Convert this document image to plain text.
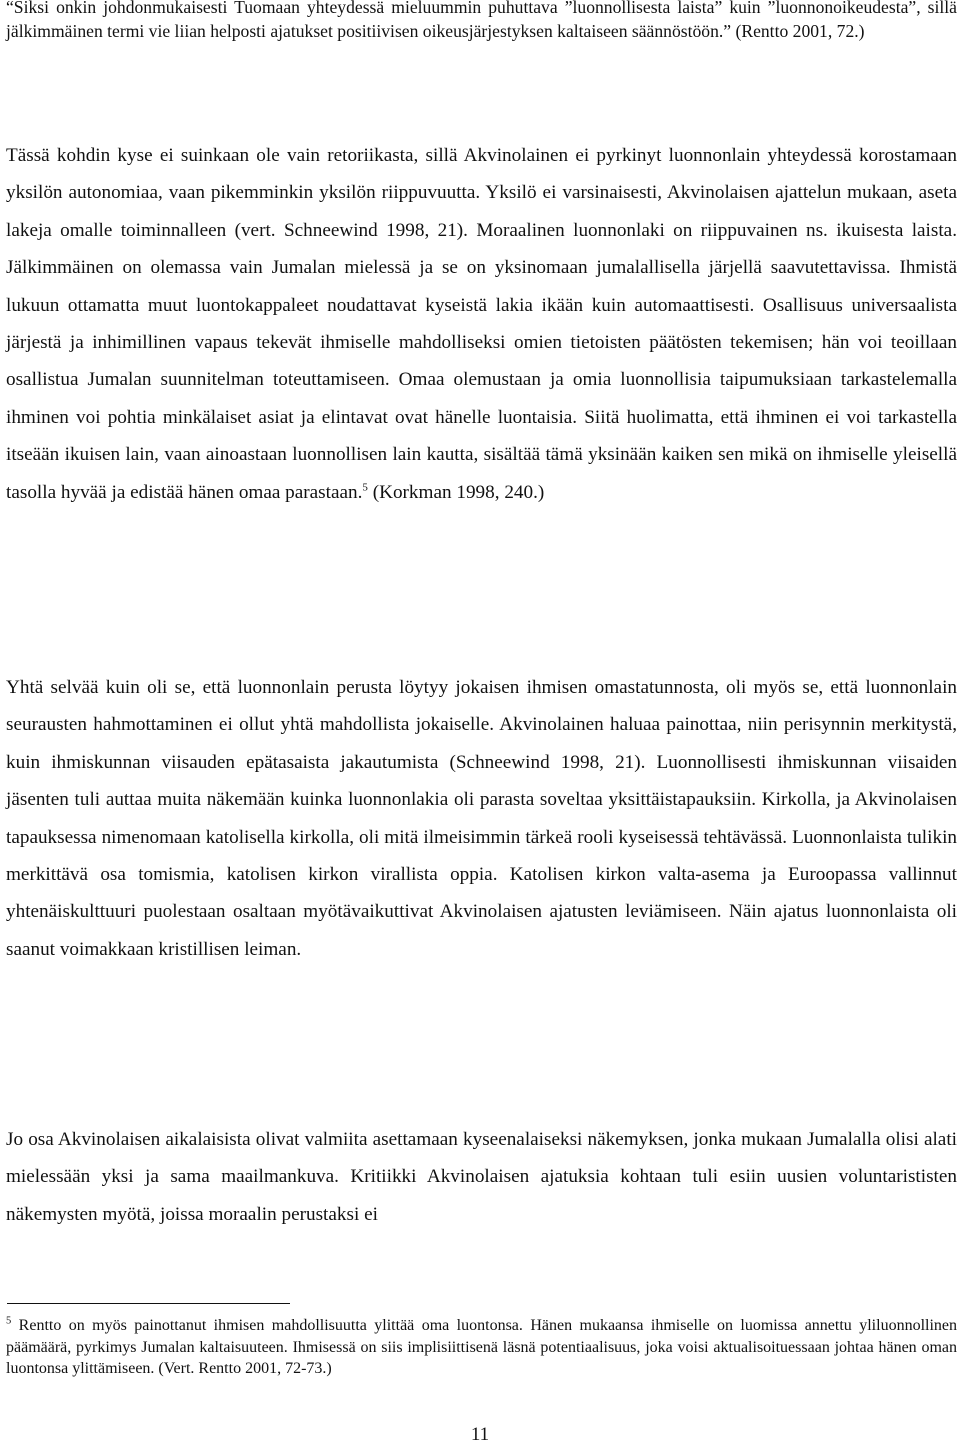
“Siksi onkin johdonmukaisesti Tuomaan yhteydessä mieluummin puhuttava ”luonnollisesta laista” kuin ”luonnonoikeudesta”, sillä jälkimmäinen termi vie liian helposti ajatukset positiivisen oikeusjärjestyksen kaltaiseen säännöstöön.” (Rentto 2001, 72.)

Tässä kohdin kyse ei suinkaan ole vain retoriikasta, sillä Akvinolainen ei pyrkinyt luonnonlain yhteydessä korostamaan yksilön autonomiaa, vaan pikemminkin yksilön riippuvuutta. Yksilö ei varsinaisesti, Akvinolaisen ajattelun mukaan, aseta lakeja omalle toiminnalleen (vert. Schneewind 1998, 21). Moraalinen luonnonlaki on riippuvainen ns. ikuisesta laista. Jälkimmäinen on olemassa vain Jumalan mielessä ja se on yksinomaan jumalallisella järjellä saavutettavissa. Ihmistä lukuun ottamatta muut luontokappaleet noudattavat kyseistä lakia ikään kuin automaattisesti. Osallisuus universaalista järjestä ja inhimillinen vapaus tekevät ihmiselle mahdolliseksi omien tietoisten päätösten tekemisen; hän voi teoillaan osallistua Jumalan suunnitelman toteuttamiseen. Omaa olemustaan ja omia luonnollisia taipumuksiaan tarkastelemalla ihminen voi pohtia minkälaiset asiat ja elintavat ovat hänelle luontaisia. Siitä huolimatta, että ihminen ei voi tarkastella itseään ikuisen lain, vaan ainoastaan luonnollisen lain kautta, sisältää tämä yksinään kaiken sen mikä on ihmiselle yleisellä tasolla hyvää ja edistää hänen omaa parastaan.$^5$ (Korkman 1998, 240.)

Yhtä selvää kuin oli se, että luonnonlain perusta löytyy jokaisen ihmisen omastatunnosta, oli myös se, että luonnonlain seurausten hahmottaminen ei ollut yhtä mahdollista jokaiselle. Akvinolainen haluaa painottaa, niin perisynnin merkitystä, kuin ihmiskunnan viisauden epätasaista jakautumista (Schneewind 1998, 21). Luonnollisesti ihmiskunnan viisaiden jäsenten tuli auttaa muita näkemään kuinka luonnonlakia oli parasta soveltaa yksittäistapauksiin. Kirkolla, ja Akvinolaisen tapauksessa nimenomaan katolisella kirkolla, oli mitä ilmeisimmin tärkeä rooli kyseisessä tehtävässä. Luonnonlaista tulikin merkittävä osa tomismia, katolisen kirkon virallista oppia. Katolisen kirkon valta-asema ja Euroopassa vallinnut yhtenäiskulttuuri puolestaan osaltaan myötävaikuttivat Akvinolaisen ajatusten leviämiseen. Näin ajatus luonnonlaista oli saanut voimakkaan kristillisen leiman.

Jo osa Akvinolaisen aikalaisista olivat valmiita asettamaan kyseenalaiseksi näkemyksen, jonka mukaan Jumalalla olisi alati mielessään yksi ja sama maailmankuva. Kritiikki Akvinolaisen ajatuksia kohtaan tuli esiin uusien voluntarististen näkemysten myötä, joissa moraalin perustaksi ei

$^5$ Rentto on myös painottanut ihmisen mahdollisuutta ylittää oma luontonsa. Hänen mukaansa ihmiselle on luomissa annettu yliluonnollinen päämäärä, pyrkimys Jumalan kaltaisuuteen. Ihmisessä on siis implisiittisenä läsnä potentiaalisuus, joka voisi aktualisoituessaan johtaa hänen oman luontonsa ylittämiseen. (Vert. Rentto 2001, 72-73.)

11
